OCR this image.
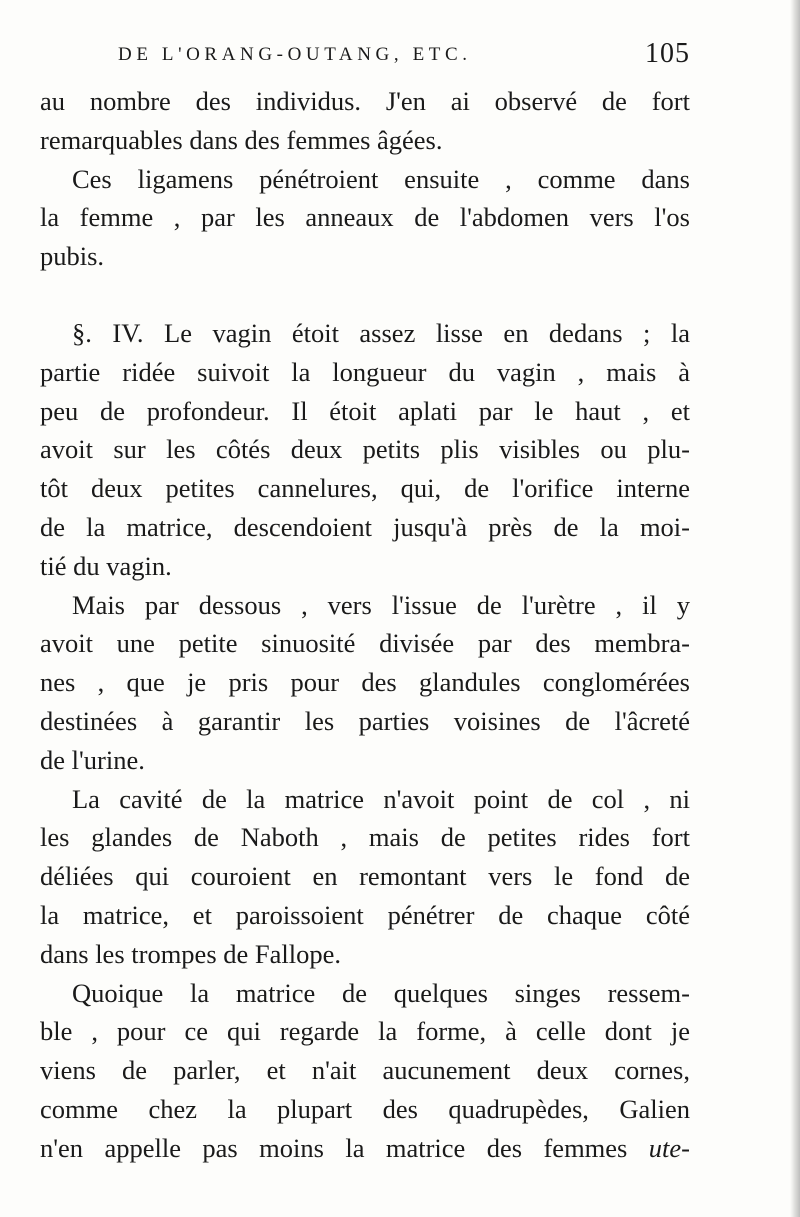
DE L'ORANG-OUTANG, ETC.	105
au nombre des individus. J'en ai observé de fort
remarquables dans des femmes âgées.
Ces ligamens pénétroient ensuite , comme dans
la femme , par les anneaux de l'abdomen vers l'os
pubis.
§. IV. Le vagin étoit assez lisse en dedans ; la
partie ridée suivoit la longueur du vagin , mais à
peu de profondeur. Il étoit aplati par le haut , et
avoit sur les côtés deux petits plis visibles ou plu-
tôt deux petites cannelures, qui, de l'orifice interne
de la matrice, descendoient jusqu'à près de la moi-
tié du vagin.
Mais par dessous , vers l'issue de l'urètre , il y
avoit une petite sinuosité divisée par des membra-
nes , que je pris pour des glandules conglomérées
destinées à garantir les parties voisines de l'âcreté
de l'urine.
La cavité de la matrice n'avoit point de col , ni
les glandes de Naboth , mais de petites rides fort
déliées qui couroient en remontant vers le fond de
la matrice, et paroissoient pénétrer de chaque côté
dans les trompes de Fallope.
Quoique la matrice de quelques singes ressem-
ble , pour ce qui regarde la forme, à celle dont je
viens de parler, et n'ait aucunement deux cornes,
comme chez la plupart des quadrupèdes, Galien
n'en appelle pas moins la matrice des femmes ute-
